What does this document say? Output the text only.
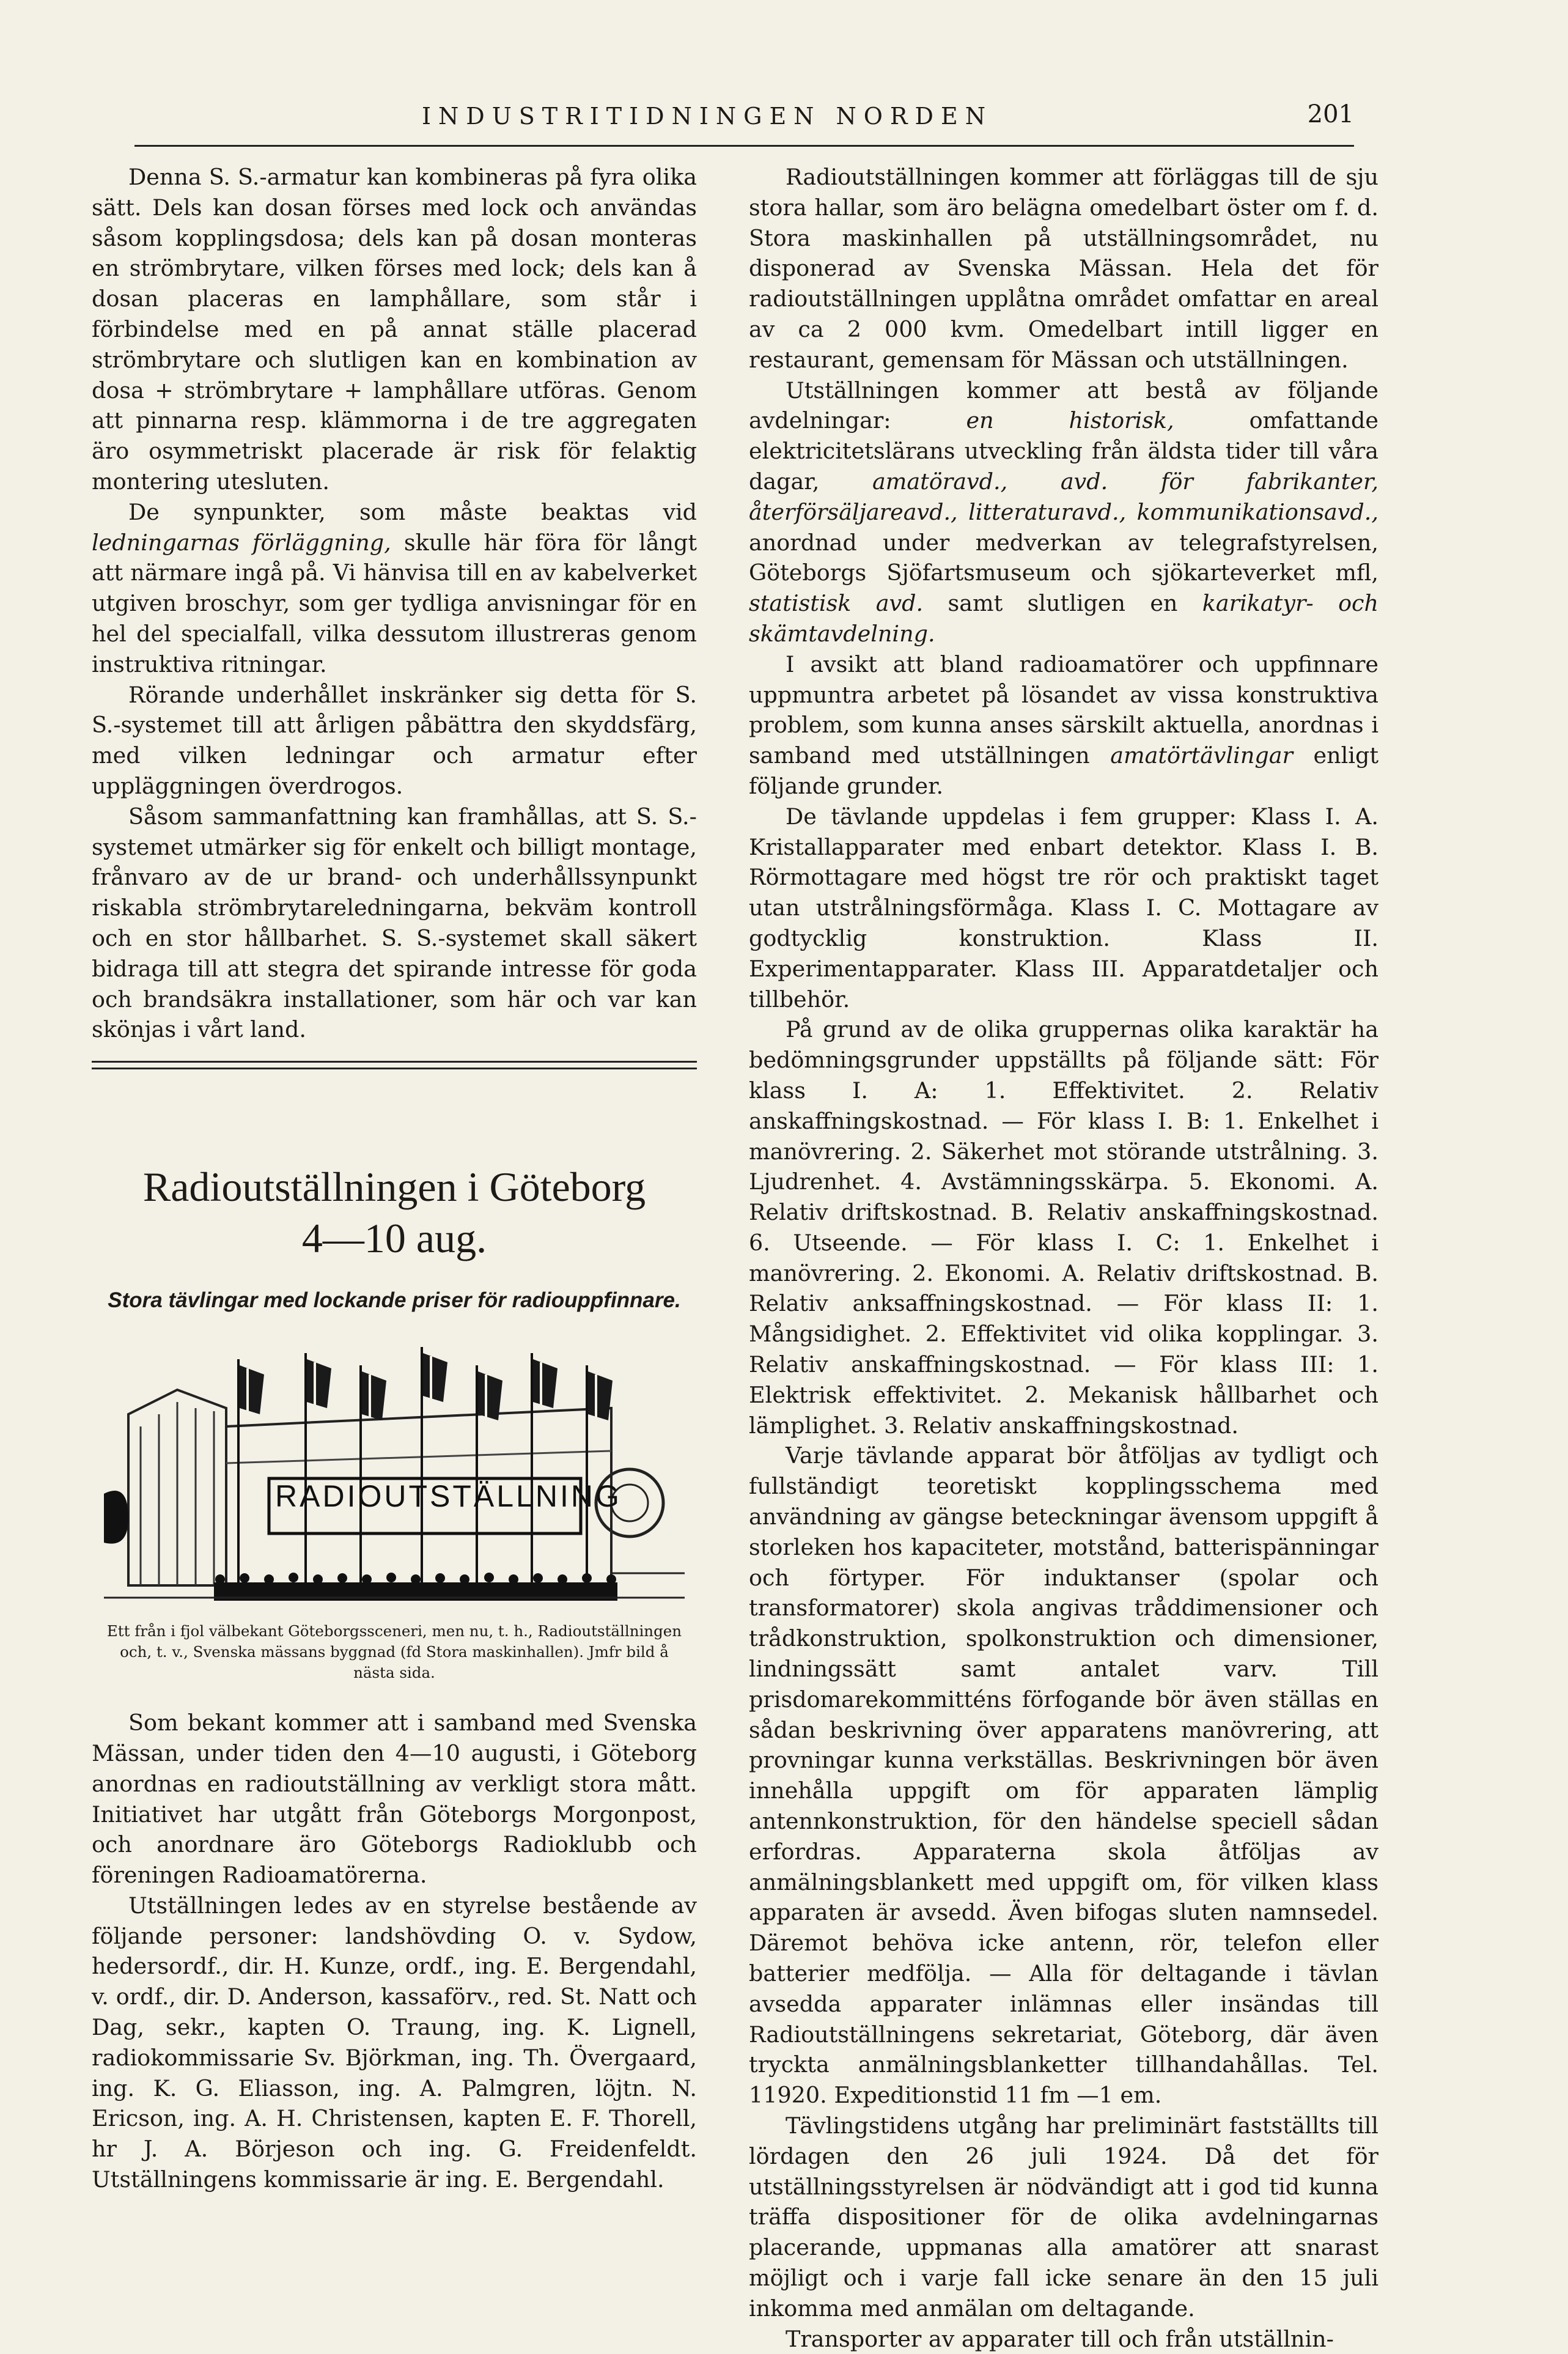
INDUSTRITIDNINGEN NORDEN	201

Denna S. S.-armatur kan kombineras på fyra olika sätt. Dels kan dosan förses med lock och användas såsom kopplingsdosa; dels kan på dosan monteras en strömbrytare, vilken förses med lock; dels kan å dosan placeras en lamphållare, som står i förbindelse med en på annat ställe placerad strömbrytare och slutligen kan en kombination av dosa + strömbrytare + lamphållare utföras. Genom att pinnarna resp. klämmorna i de tre aggregaten äro osymmetriskt placerade är risk för felaktig montering utesluten.

De synpunkter, som måste beaktas vid ledningarnas förläggning, skulle här föra för långt att närmare ingå på. Vi hänvisa till en av kabelverket utgiven broschyr, som ger tydliga anvisningar för en hel del specialfall, vilka dessutom illustreras genom instruktiva ritningar.

Rörande underhållet inskränker sig detta för S. S.-systemet till att årligen påbättra den skyddsfärg, med vilken ledningar och armatur efter uppläggningen överdrogos.

Såsom sammanfattning kan framhållas, att S. S.-systemet utmärker sig för enkelt och billigt montage, frånvaro av de ur brand- och underhållssynpunkt riskabla strömbrytareledningarna, bekväm kontroll och en stor hållbarhet. S. S.-systemet skall säkert bidraga till att stegra det spirande intresse för goda och brandsäkra installationer, som här och var kan skönjas i vårt land.

Radioutställningen i Göteborg
4—10 aug.
Stora tävlingar med lockande priser för radiouppfinnare.
RADIOUTSTÄLLNING
Ett från i fjol välbekant Göteborgssceneri, men nu, t. h., Radioutställningen och, t. v., Svenska mässans byggnad (fd Stora maskinhallen). Jmfr bild å nästa sida.

Som bekant kommer att i samband med Svenska Mässan, under tiden den 4—10 augusti, i Göteborg anordnas en radioutställning av verkligt stora mått. Initiativet har utgått från Göteborgs Morgonpost, och anordnare äro Göteborgs Radioklubb och föreningen Radioamatörerna.

Utställningen ledes av en styrelse bestående av följande personer: landshövding O. v. Sydow, hedersordf., dir. H. Kunze, ordf., ing. E. Bergendahl, v. ordf., dir. D. Anderson, kassaförv., red. St. Natt och Dag, sekr., kapten O. Traung, ing. K. Lignell, radiokommissarie Sv. Björkman, ing. Th. Övergaard, ing. K. G. Eliasson, ing. A. Palmgren, löjtn. N. Ericson, ing. A. H. Christensen, kapten E. F. Thorell, hr J. A. Börjeson och ing. G. Freidenfeldt. Utställningens kommissarie är ing. E. Bergendahl.

Radioutställningen kommer att förläggas till de sju stora hallar, som äro belägna omedelbart öster om f. d. Stora maskinhallen på utställningsområdet, nu disponerad av Svenska Mässan. Hela det för radioutställningen upplåtna området omfattar en areal av ca 2 000 kvm. Omedelbart intill ligger en restaurant, gemensam för Mässan och utställningen.

Utställningen kommer att bestå av följande avdelningar: en historisk, omfattande elektricitetslärans utveckling från äldsta tider till våra dagar, amatöravd., avd. för fabrikanter, återförsäljareavd., litteraturavd., kommunikationsavd., anordnad under medverkan av telegrafstyrelsen, Göteborgs Sjöfartsmuseum och sjökarteverket mfl, statistisk avd. samt slutligen en karikatyr- och skämtavdelning.

I avsikt att bland radioamatörer och uppfinnare uppmuntra arbetet på lösandet av vissa konstruktiva problem, som kunna anses särskilt aktuella, anordnas i samband med utställningen amatörtävlingar enligt följande grunder.

De tävlande uppdelas i fem grupper: Klass I. A. Kristallapparater med enbart detektor. Klass I. B. Rörmottagare med högst tre rör och praktiskt taget utan utstrålningsförmåga. Klass I. C. Mottagare av godtycklig konstruktion. Klass II. Experimentapparater. Klass III. Apparatdetaljer och tillbehör.

På grund av de olika gruppernas olika karaktär ha bedömningsgrunder uppställts på följande sätt: För klass I. A: 1. Effektivitet. 2. Relativ anskaffningskostnad. — För klass I. B: 1. Enkelhet i manövrering. 2. Säkerhet mot störande utstrålning. 3. Ljudrenhet. 4. Avstämningsskärpa. 5. Ekonomi. A. Relativ driftskostnad. B. Relativ anskaffningskostnad. 6. Utseende. — För klass I. C: 1. Enkelhet i manövrering. 2. Ekonomi. A. Relativ driftskostnad. B. Relativ anksaffningskostnad. — För klass II: 1. Mångsidighet. 2. Effektivitet vid olika kopplingar. 3. Relativ anskaffningskostnad. — För klass III: 1. Elektrisk effektivitet. 2. Mekanisk hållbarhet och lämplighet. 3. Relativ anskaffningskostnad.

Varje tävlande apparat bör åtföljas av tydligt och fullständigt teoretiskt kopplingsschema med användning av gängse beteckningar ävensom uppgift å storleken hos kapaciteter, motstånd, batterispänningar och förtyper. För induktanser (spolar och transformatorer) skola angivas tråddimensioner och trådkonstruktion, spolkonstruktion och dimensioner, lindningssätt samt antalet varv. Till prisdomarekommitténs förfogande bör även ställas en sådan beskrivning över apparatens manövrering, att provningar kunna verkställas. Beskrivningen bör även innehålla uppgift om för apparaten lämplig antennkonstruktion, för den händelse speciell sådan erfordras. Apparaterna skola åtföljas av anmälningsblankett med uppgift om, för vilken klass apparaten är avsedd. Även bifogas sluten namnsedel. Däremot behöva icke antenn, rör, telefon eller batterier medfölja. — Alla för deltagande i tävlan avsedda apparater inlämnas eller insändas till Radioutställningens sekretariat, Göteborg, där även tryckta anmälningsblanketter tillhandahållas. Tel. 11920. Expeditionstid 11 fm —1 em.

Tävlingstidens utgång har preliminärt fastställts till lördagen den 26 juli 1924. Då det för utställningsstyrelsen är nödvändigt att i god tid kunna träffa dispositioner för de olika avdelningarnas placerande, uppmanas alla amatörer att snarast möjligt och i varje fall icke senare än den 15 juli inkomma med anmälan om deltagande.

Transporter av apparater till och från utställnin-
